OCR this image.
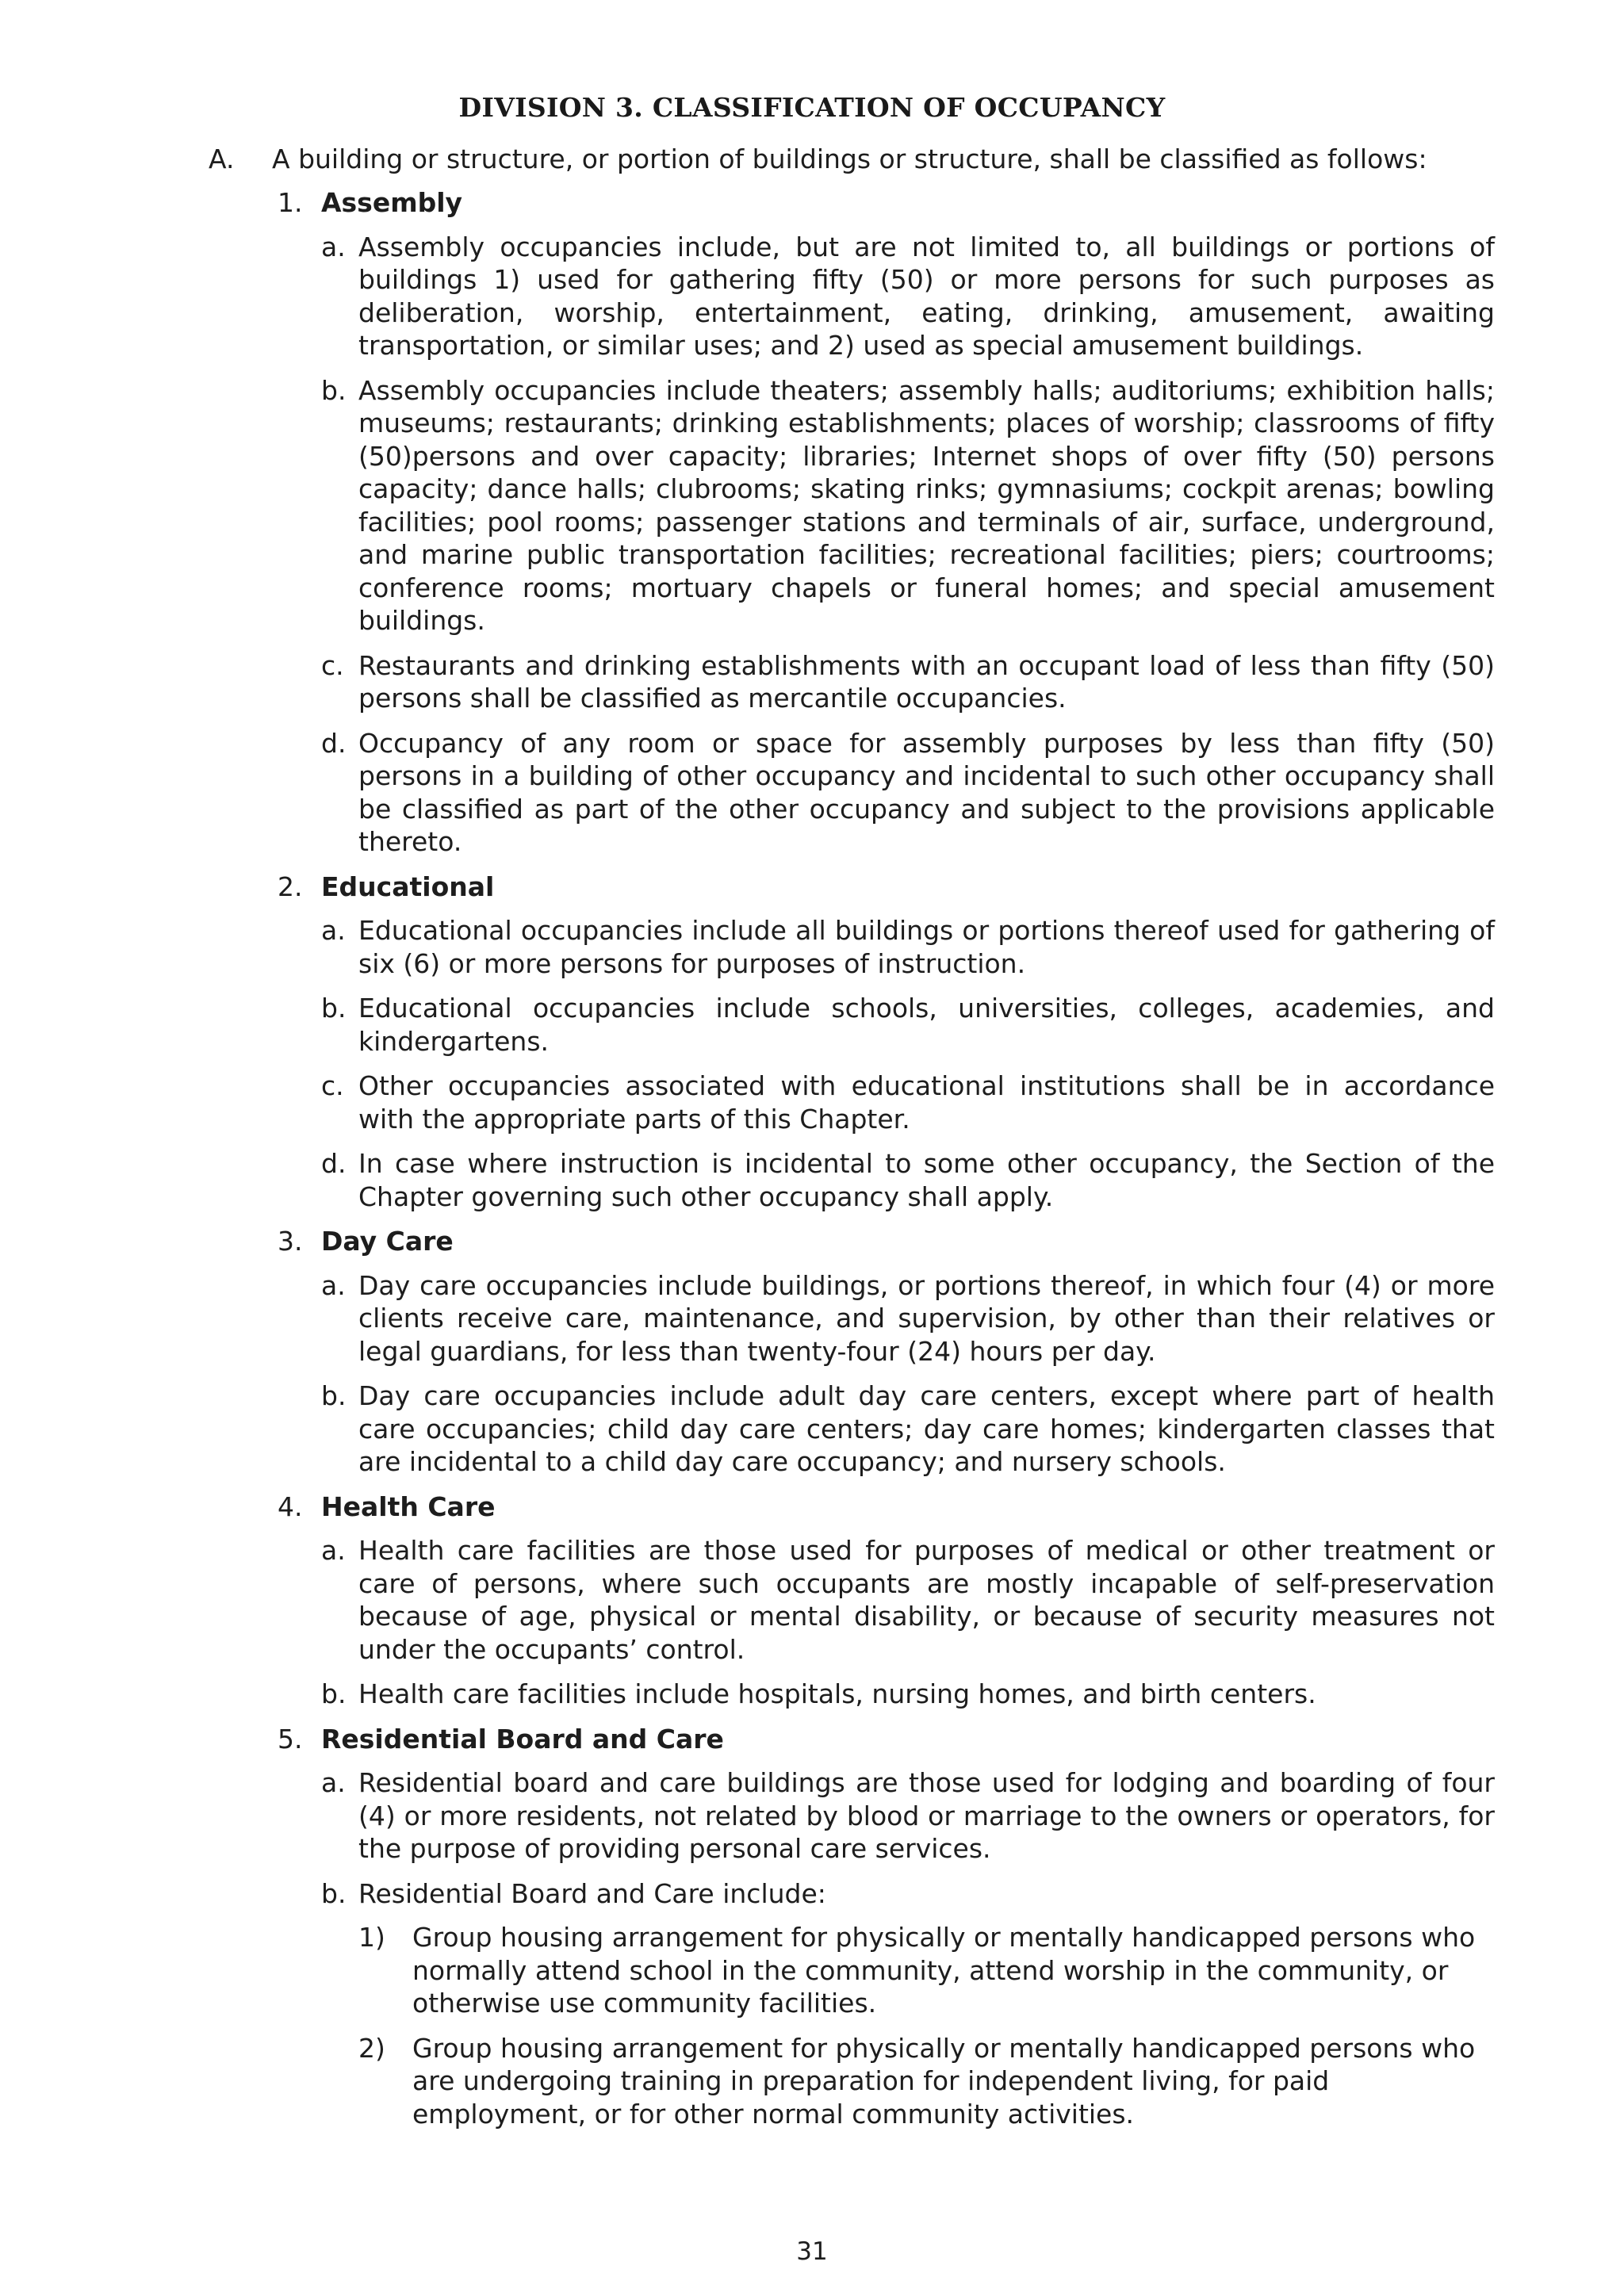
DIVISION 3. CLASSIFICATION OF OCCUPANCY
A. A building or structure, or portion of buildings or structure, shall be classified as follows:
1. Assembly
a. Assembly occupancies include, but are not limited to, all buildings or portions of buildings 1) used for gathering fifty (50) or more persons for such purposes as deliberation, worship, entertainment, eating, drinking, amusement, awaiting transportation, or similar uses; and 2) used as special amusement buildings.
b. Assembly occupancies include theaters; assembly halls; auditoriums; exhibition halls; museums; restaurants; drinking establishments; places of worship; classrooms of fifty (50)persons and over capacity; libraries; Internet shops of over fifty (50) persons capacity; dance halls; clubrooms; skating rinks; gymnasiums; cockpit arenas; bowling facilities; pool rooms; passenger stations and terminals of air, surface, underground, and marine public transportation facilities; recreational facilities; piers; courtrooms; conference rooms; mortuary chapels or funeral homes; and special amusement buildings.
c. Restaurants and drinking establishments with an occupant load of less than fifty (50) persons shall be classified as mercantile occupancies.
d. Occupancy of any room or space for assembly purposes by less than fifty (50) persons in a building of other occupancy and incidental to such other occupancy shall be classified as part of the other occupancy and subject to the provisions applicable thereto.
2. Educational
a. Educational occupancies include all buildings or portions thereof used for gathering of six (6) or more persons for purposes of instruction.
b. Educational occupancies include schools, universities, colleges, academies, and kindergartens.
c. Other occupancies associated with educational institutions shall be in accordance with the appropriate parts of this Chapter.
d. In case where instruction is incidental to some other occupancy, the Section of the Chapter governing such other occupancy shall apply.
3. Day Care
a. Day care occupancies include buildings, or portions thereof, in which four (4) or more clients receive care, maintenance, and supervision, by other than their relatives or legal guardians, for less than twenty-four (24) hours per day.
b. Day care occupancies include adult day care centers, except where part of health care occupancies; child day care centers; day care homes; kindergarten classes that are incidental to a child day care occupancy; and nursery schools.
4. Health Care
a. Health care facilities are those used for purposes of medical or other treatment or care of persons, where such occupants are mostly incapable of self-preservation because of age, physical or mental disability, or because of security measures not under the occupants’ control.
b. Health care facilities include hospitals, nursing homes, and birth centers.
5. Residential Board and Care
a. Residential board and care buildings are those used for lodging and boarding of four (4) or more residents, not related by blood or marriage to the owners or operators, for the purpose of providing personal care services.
b. Residential Board and Care include:
1) Group housing arrangement for physically or mentally handicapped persons who normally attend school in the community, attend worship in the community, or otherwise use community facilities.
2) Group housing arrangement for physically or mentally handicapped persons who are undergoing training in preparation for independent living, for paid employment, or for other normal community activities.
31
